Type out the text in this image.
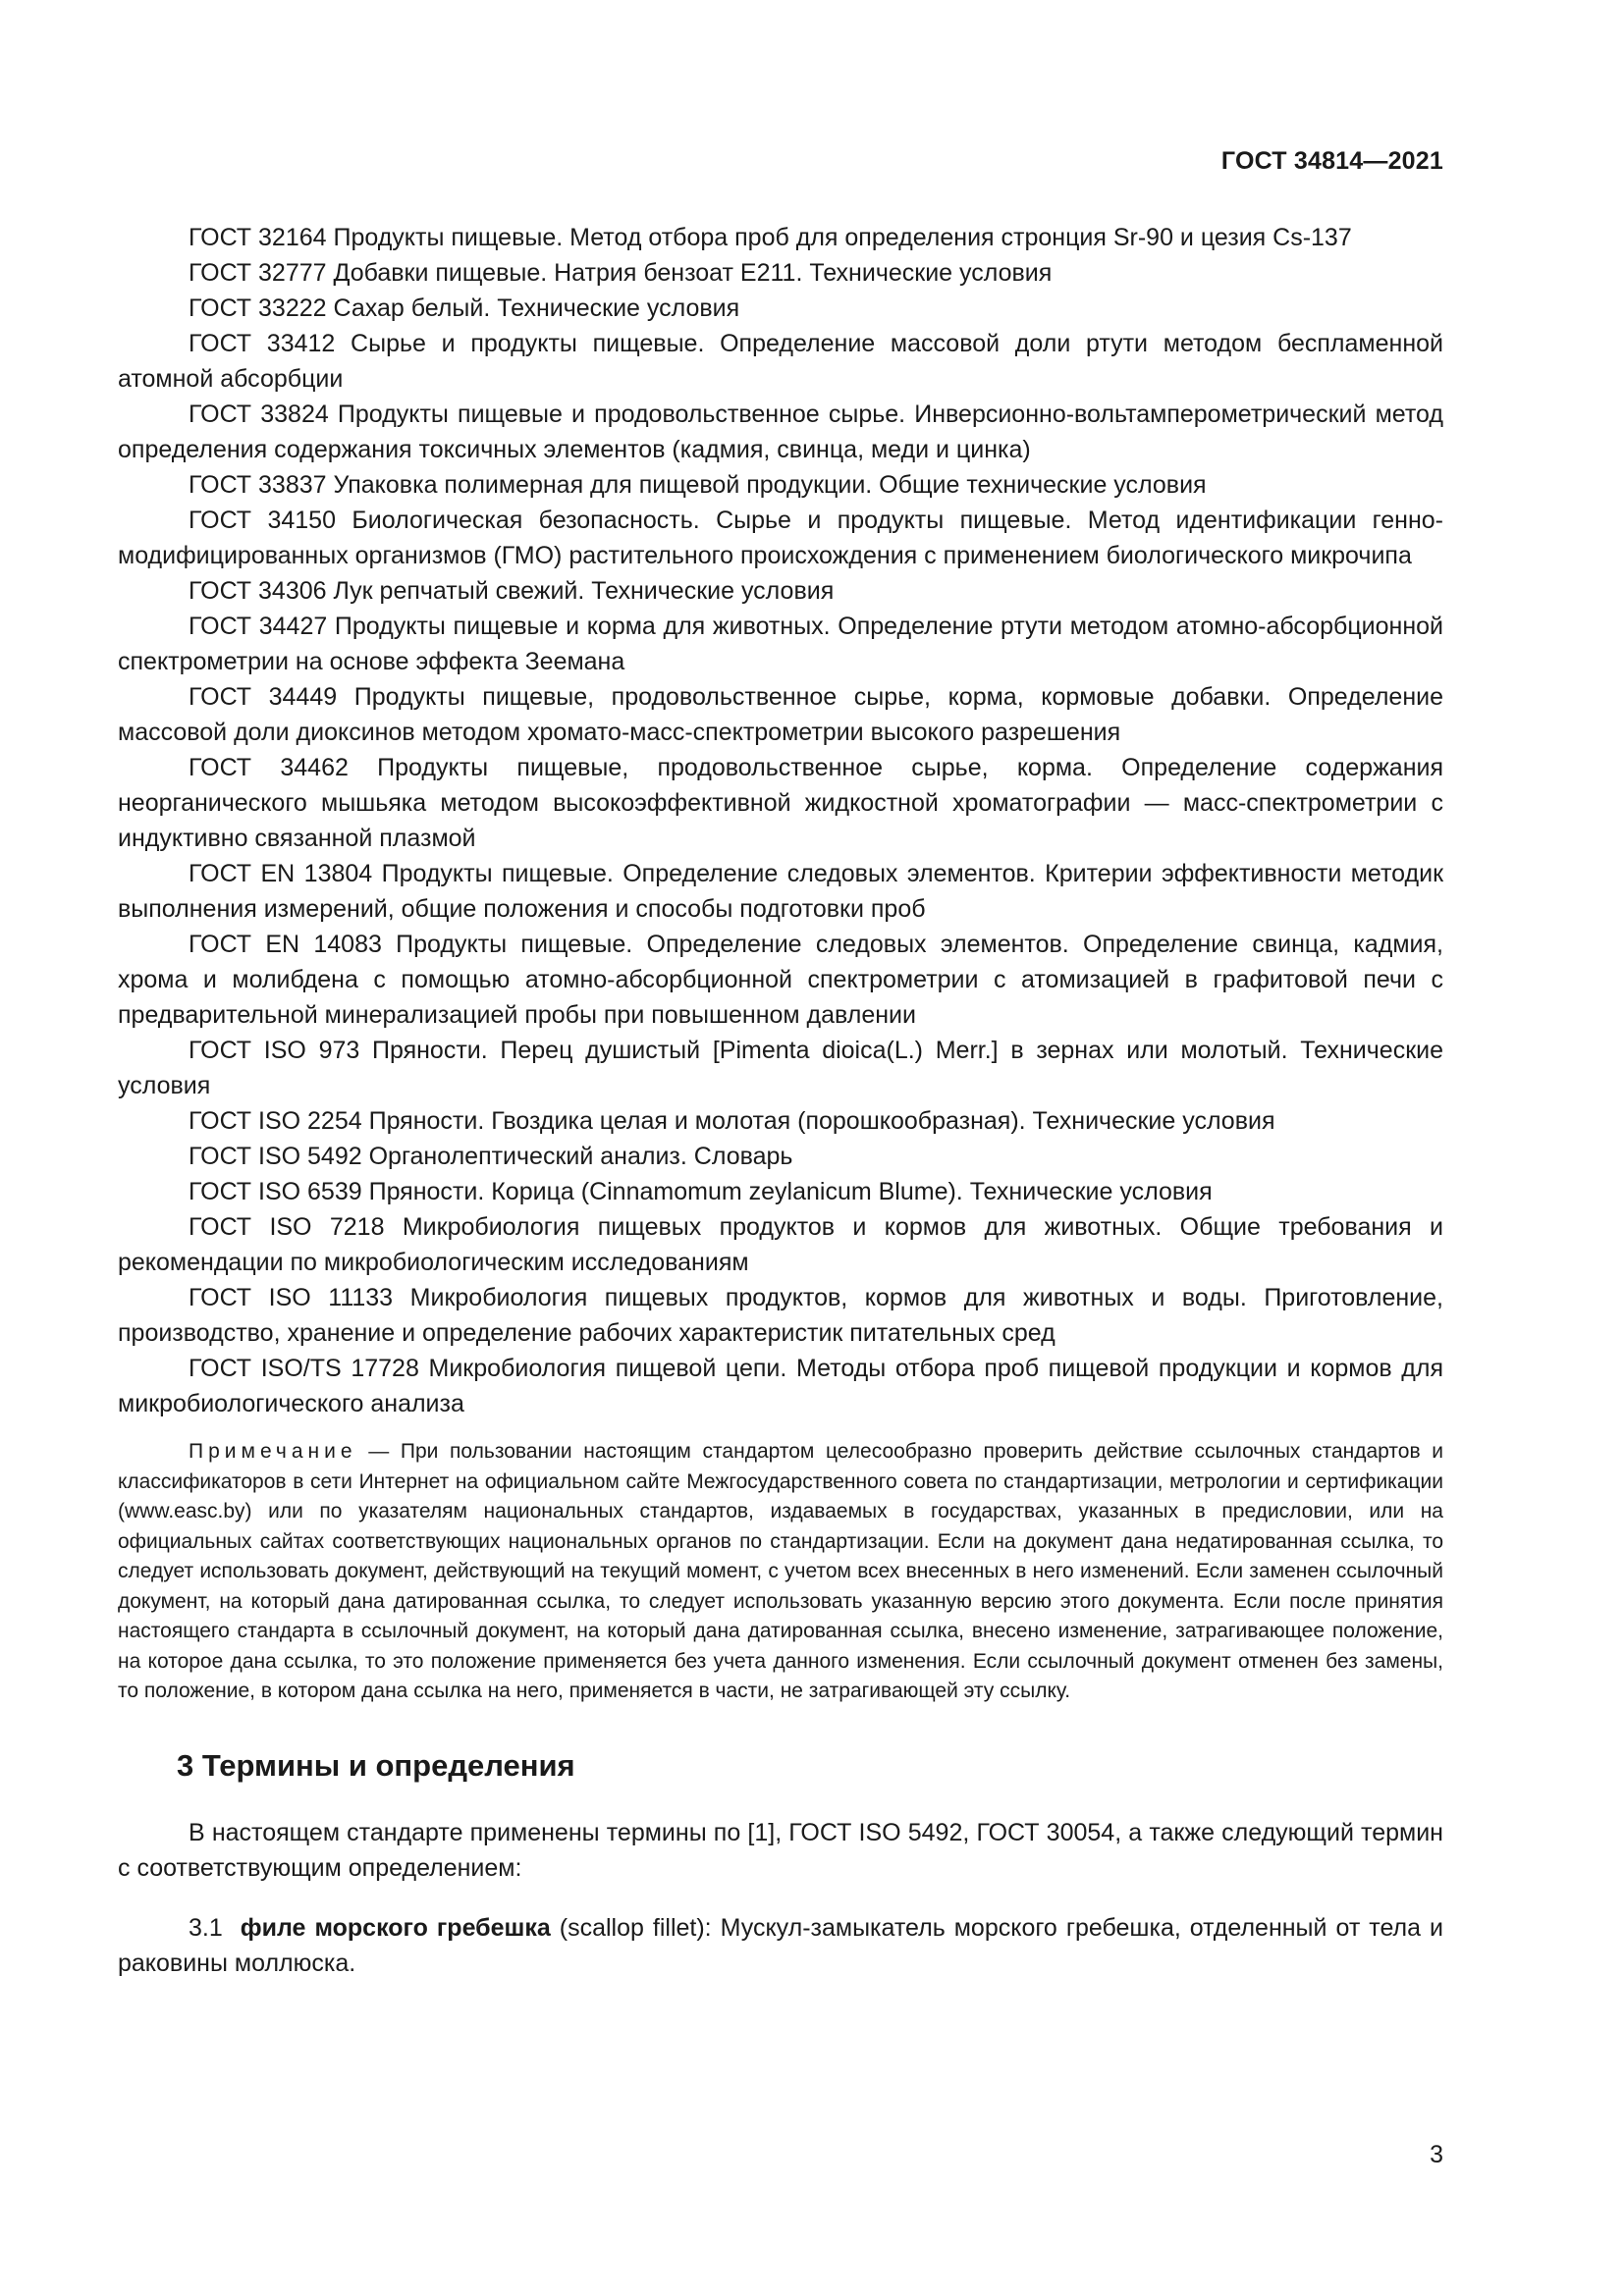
ГОСТ 34814—2021

ГОСТ 32164 Продукты пищевые. Метод отбора проб для определения стронция Sr-90 и цезия Cs-137

ГОСТ 32777 Добавки пищевые. Натрия бензоат Е211. Технические условия

ГОСТ 33222 Сахар белый. Технические условия

ГОСТ 33412 Сырье и продукты пищевые. Определение массовой доли ртути методом беспламенной атомной абсорбции

ГОСТ 33824 Продукты пищевые и продовольственное сырье. Инверсионно-вольтамперометрический метод определения содержания токсичных элементов (кадмия, свинца, меди и цинка)

ГОСТ 33837 Упаковка полимерная для пищевой продукции. Общие технические условия

ГОСТ 34150 Биологическая безопасность. Сырье и продукты пищевые. Метод идентификации генно-модифицированных организмов (ГМО) растительного происхождения с применением биологического микрочипа

ГОСТ 34306 Лук репчатый свежий. Технические условия

ГОСТ 34427 Продукты пищевые и корма для животных. Определение ртути методом атомно-абсорбционной спектрометрии на основе эффекта Зеемана

ГОСТ 34449 Продукты пищевые, продовольственное сырье, корма, кормовые добавки. Определение массовой доли диоксинов методом хромато-масс-спектрометрии высокого разрешения

ГОСТ 34462 Продукты пищевые, продовольственное сырье, корма. Определение содержания неорганического мышьяка методом высокоэффективной жидкостной хроматографии — масс-спектрометрии с индуктивно связанной плазмой

ГОСТ EN 13804 Продукты пищевые. Определение следовых элементов. Критерии эффективности методик выполнения измерений, общие положения и способы подготовки проб

ГОСТ EN 14083 Продукты пищевые. Определение следовых элементов. Определение свинца, кадмия, хрома и молибдена с помощью атомно-абсорбционной спектрометрии с атомизацией в графитовой печи с предварительной минерализацией пробы при повышенном давлении

ГОСТ ISO 973 Пряности. Перец душистый [Pimenta dioica(L.) Merr.] в зернах или молотый. Технические условия

ГОСТ ISO 2254 Пряности. Гвоздика целая и молотая (порошкообразная). Технические условия

ГОСТ ISO 5492 Органолептический анализ. Словарь

ГОСТ ISO 6539 Пряности. Корица (Cinnamomum zeylanicum Blume). Технические условия

ГОСТ ISO 7218 Микробиология пищевых продуктов и кормов для животных. Общие требования и рекомендации по микробиологическим исследованиям

ГОСТ ISO 11133 Микробиология пищевых продуктов, кормов для животных и воды. Приготовление, производство, хранение и определение рабочих характеристик питательных сред

ГОСТ ISO/TS 17728 Микробиология пищевой цепи. Методы отбора проб пищевой продукции и кормов для микробиологического анализа

Примечание — При пользовании настоящим стандартом целесообразно проверить действие ссылочных стандартов и классификаторов в сети Интернет на официальном сайте Межгосударственного совета по стандартизации, метрологии и сертификации (www.easc.by) или по указателям национальных стандартов, издаваемых в государствах, указанных в предисловии, или на официальных сайтах соответствующих национальных органов по стандартизации. Если на документ дана недатированная ссылка, то следует использовать документ, действующий на текущий момент, с учетом всех внесенных в него изменений. Если заменен ссылочный документ, на который дана датированная ссылка, то следует использовать указанную версию этого документа. Если после принятия настоящего стандарта в ссылочный документ, на который дана датированная ссылка, внесено изменение, затрагивающее положение, на которое дана ссылка, то это положение применяется без учета данного изменения. Если ссылочный документ отменен без замены, то положение, в котором дана ссылка на него, применяется в части, не затрагивающей эту ссылку.

3 Термины и определения

В настоящем стандарте применены термины по [1], ГОСТ ISO 5492, ГОСТ 30054, а также следующий термин с соответствующим определением:

3.1 филе морского гребешка (scallop fillet): Мускул-замыкатель морского гребешка, отделенный от тела и раковины моллюска.

3
